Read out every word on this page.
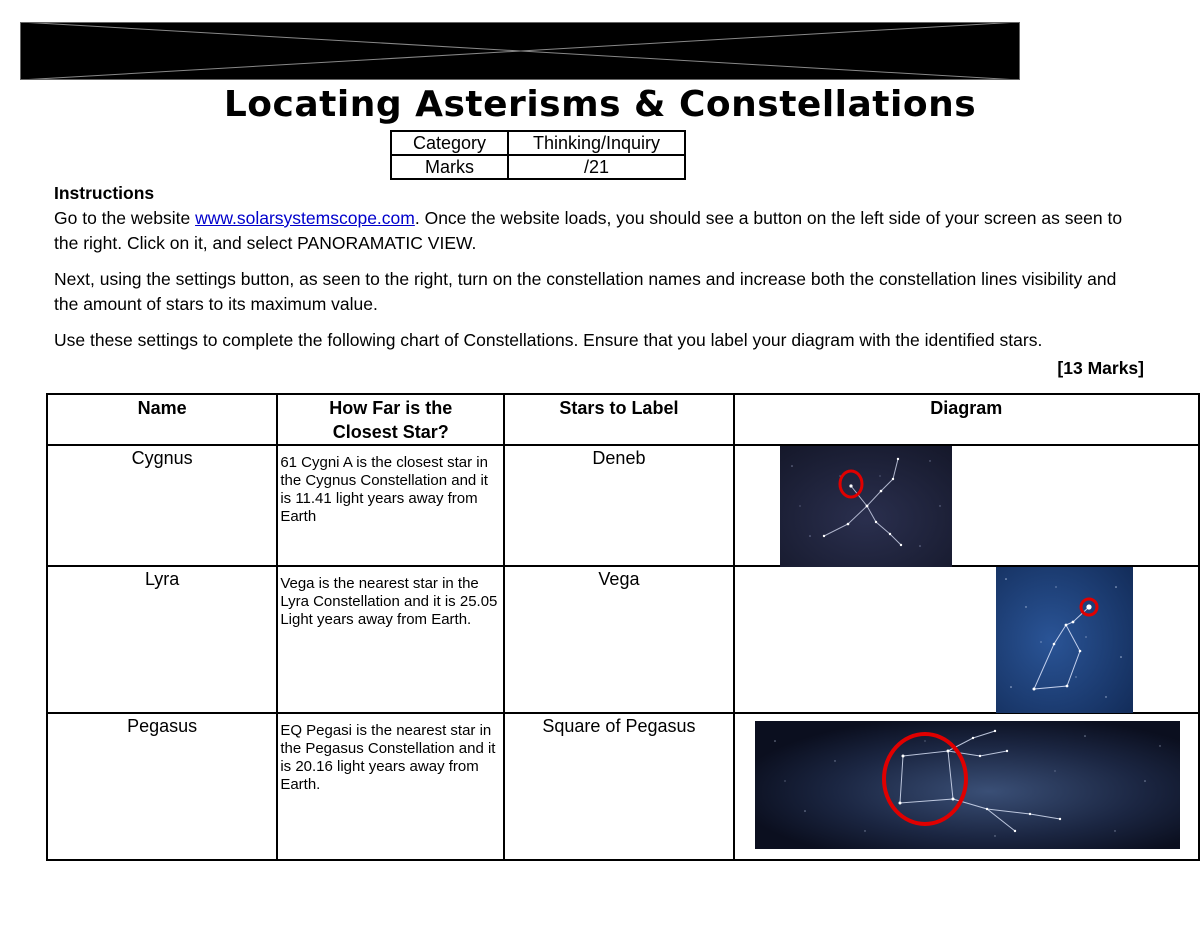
Locating Asterisms & Constellations
Category	Thinking/Inquiry
Marks	/21
Instructions

Go to the website www.solarsystemscope.com. Once the website loads, you should see a button on the left side of your screen as seen to the right. Click on it, and select PANORAMATIC VIEW.

Next, using the settings button, as seen to the right, turn on the constellation names and increase both the constellation lines visibility and the amount of stars to its maximum value.

Use these settings to complete the following chart of Constellations. Ensure that you label your diagram with the identified stars.

[13 Marks]
Name	How Far is the Closest Star?	Stars to Label	Diagram

Cygnus	61 Cygni A is the closest star in the Cygnus Constellation and it is 11.41 light years away from Earth	Deneb

Lyra	Vega is the nearest star in the Lyra Constellation and it is 25.05 Light years away from Earth.	Vega

Pegasus	EQ Pegasi is the nearest star in the Pegasus Constellation and it is 20.16 light years away from Earth.	Square of Pegasus
